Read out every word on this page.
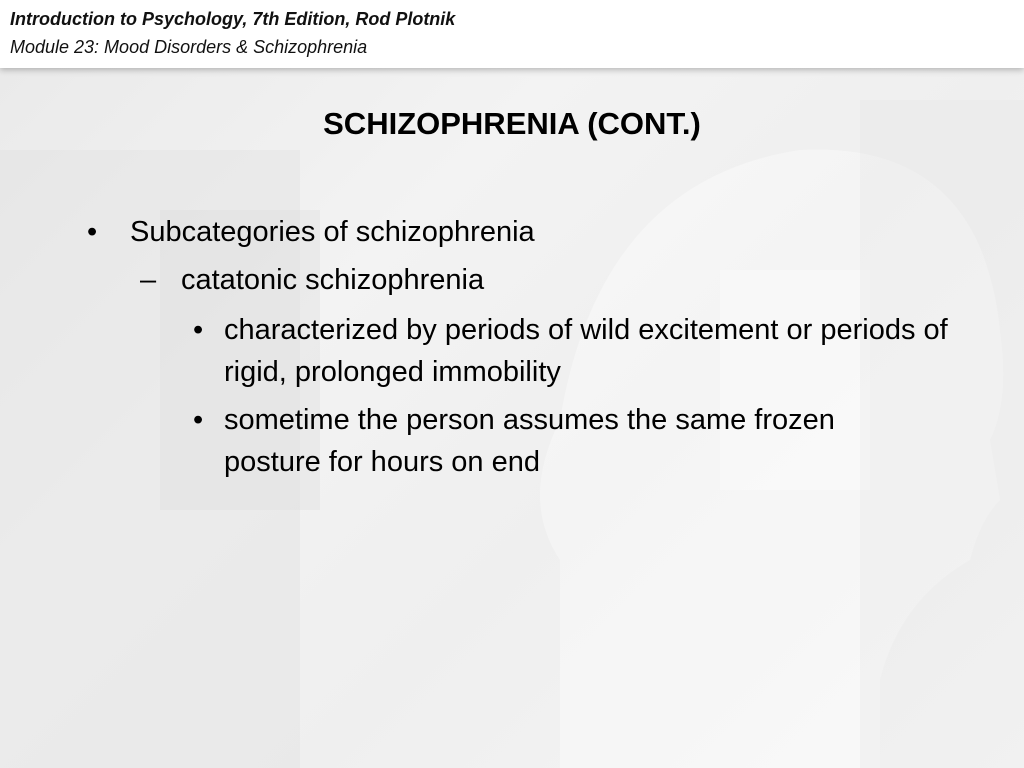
Introduction to Psychology, 7th Edition, Rod Plotnik
Module 23: Mood Disorders & Schizophrenia
SCHIZOPHRENIA (CONT.)
• Subcategories of schizophrenia
– catatonic schizophrenia
• characterized by periods of wild excitement or periods of rigid, prolonged immobility
• sometime the person assumes the same frozen posture for hours on end
